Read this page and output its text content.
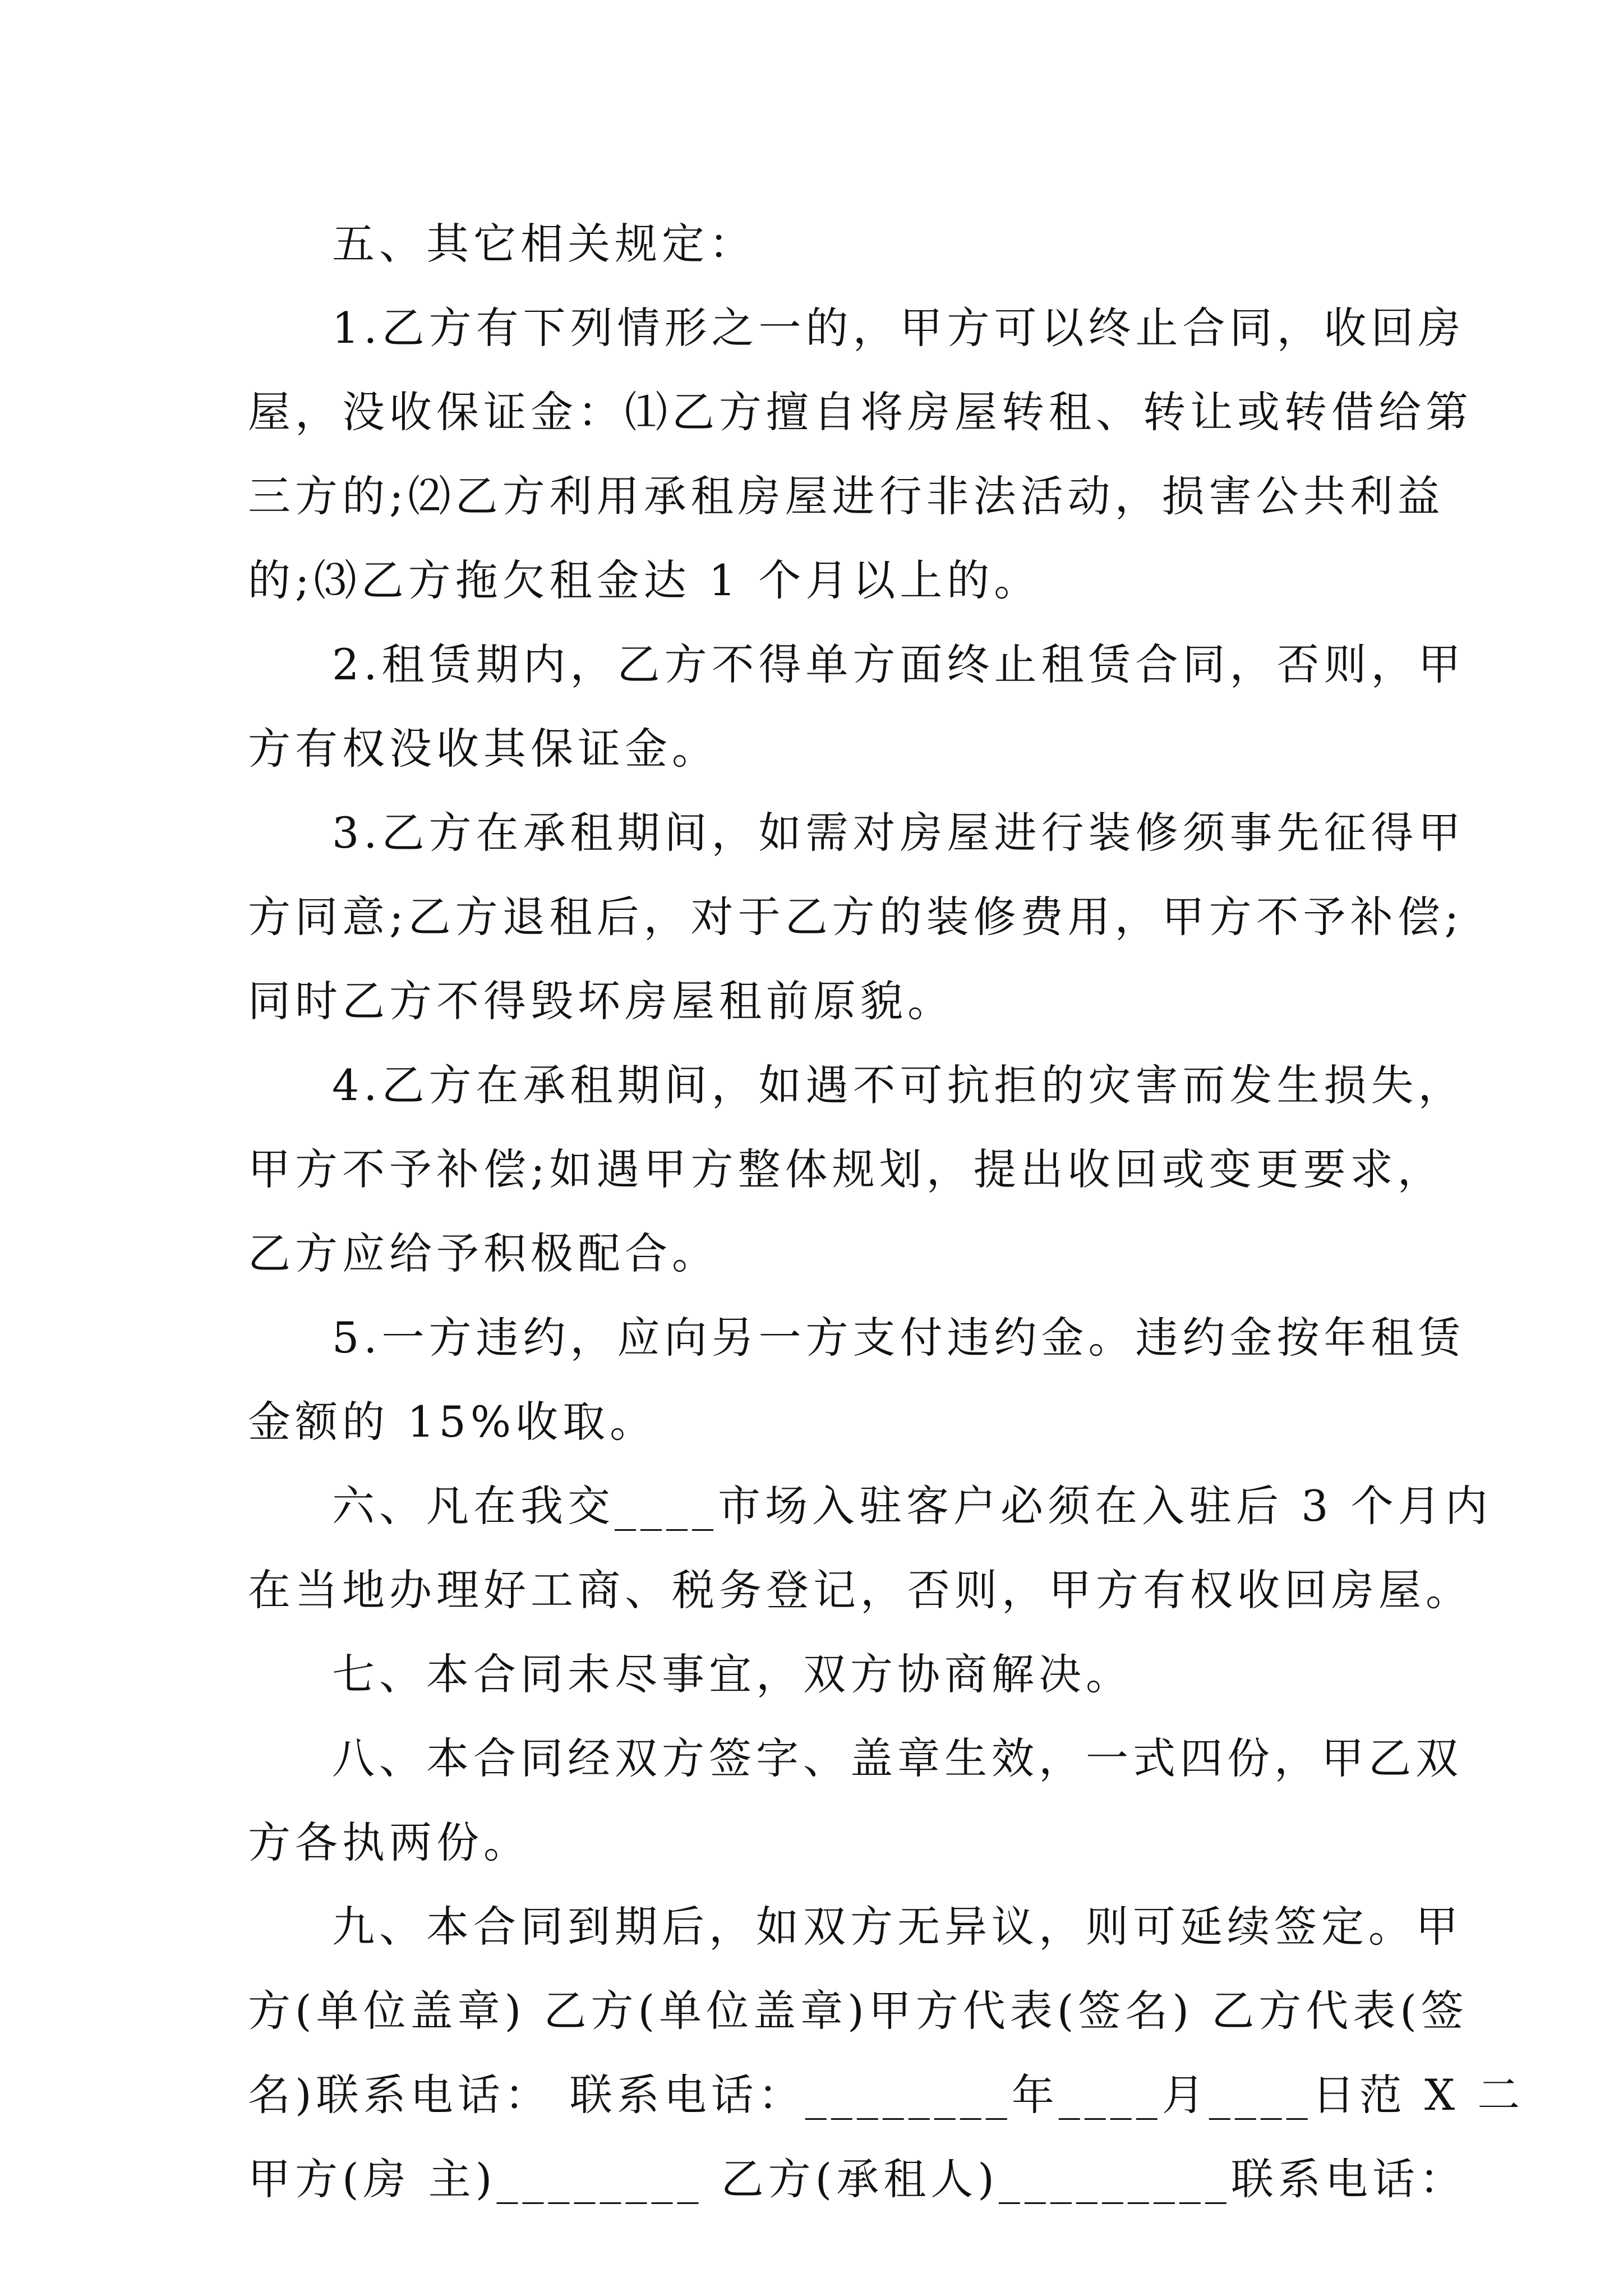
五、其它相关规定：
1.乙方有下列情形之一的，甲方可以终止合同，收回房
屋，没收保证金：⑴乙方擅自将房屋转租、转让或转借给第
三方的;⑵乙方利用承租房屋进行非法活动，损害公共利益
的;⑶乙方拖欠租金达 1 个月以上的。
2.租赁期内，乙方不得单方面终止租赁合同，否则，甲
方有权没收其保证金。
3.乙方在承租期间，如需对房屋进行装修须事先征得甲
方同意;乙方退租后，对于乙方的装修费用，甲方不予补偿;
同时乙方不得毁坏房屋租前原貌。
4.乙方在承租期间，如遇不可抗拒的灾害而发生损失，
甲方不予补偿;如遇甲方整体规划，提出收回或变更要求，
乙方应给予积极配合。
5.一方违约，应向另一方支付违约金。违约金按年租赁
金额的 15%收取。
六、凡在我交____市场入驻客户必须在入驻后 3 个月内
在当地办理好工商、税务登记，否则，甲方有权收回房屋。
七、本合同未尽事宜，双方协商解决。
八、本合同经双方签字、盖章生效，一式四份，甲乙双
方各执两份。
九、本合同到期后，如双方无异议，则可延续签定。甲
方(单位盖章) 乙方(单位盖章)甲方代表(签名) 乙方代表(签
名)联系电话： 联系电话：________年____月____日范 X 二
甲方(房 主)________ 乙方(承租人)_________联系电话：
